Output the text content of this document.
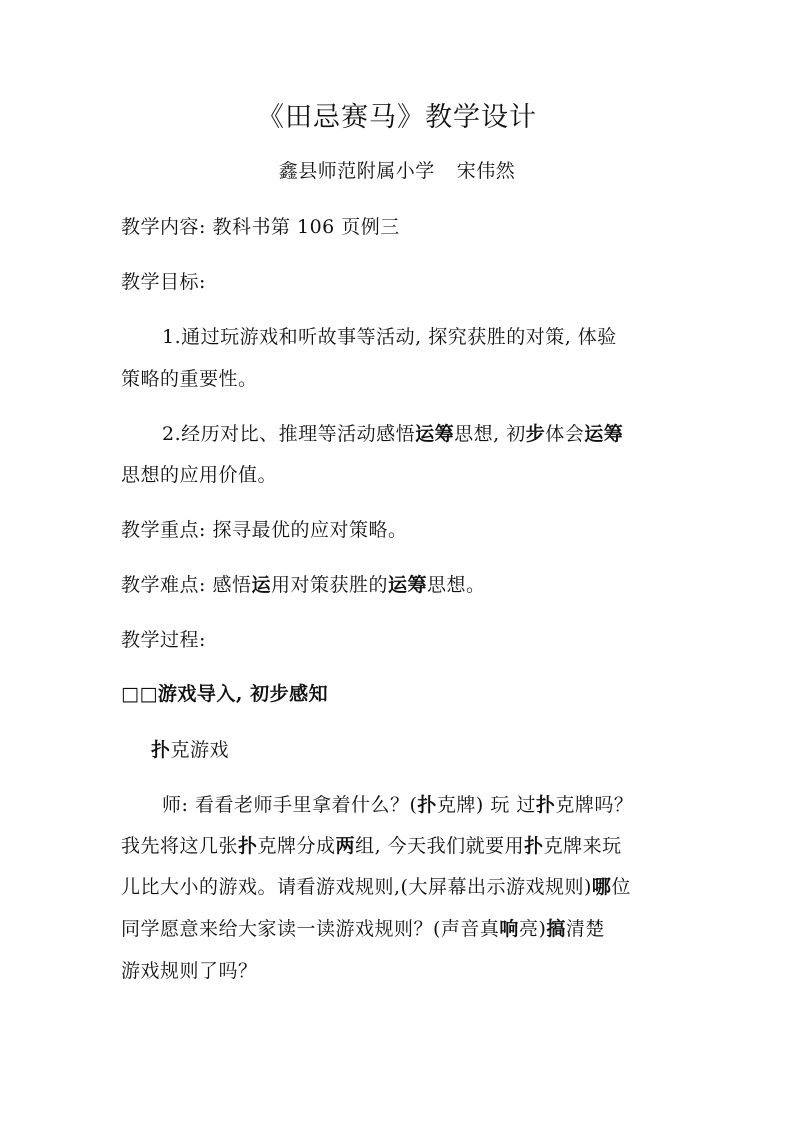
《田忌赛马》教学设计
鑫县师范附属小学 宋伟然
教学内容: 教科书第 106 页例三
教学目标:
1.通过玩游戏和听故事等活动, 探究获胜的对策, 体验
策略的重要性。
2.经历对比、推理等活动感悟运筹思想, 初步体会运筹
思想的应用价值。
教学重点: 探寻最优的应对策略。
教学难点: 感悟运用对策获胜的运筹思想。
教学过程:
□□游戏导入, 初步感知
扑克游戏
师: 看看老师手里拿着什么？(扑克牌) 玩 过扑克牌吗？
我先将这几张扑克牌分成两组, 今天我们就要用扑克牌来玩
儿比大小的游戏。请看游戏规则,(大屏幕出示游戏规则)哪位
同学愿意来给大家读一读游戏规则？(声音真响亮)搞清楚
游戏规则了吗？
